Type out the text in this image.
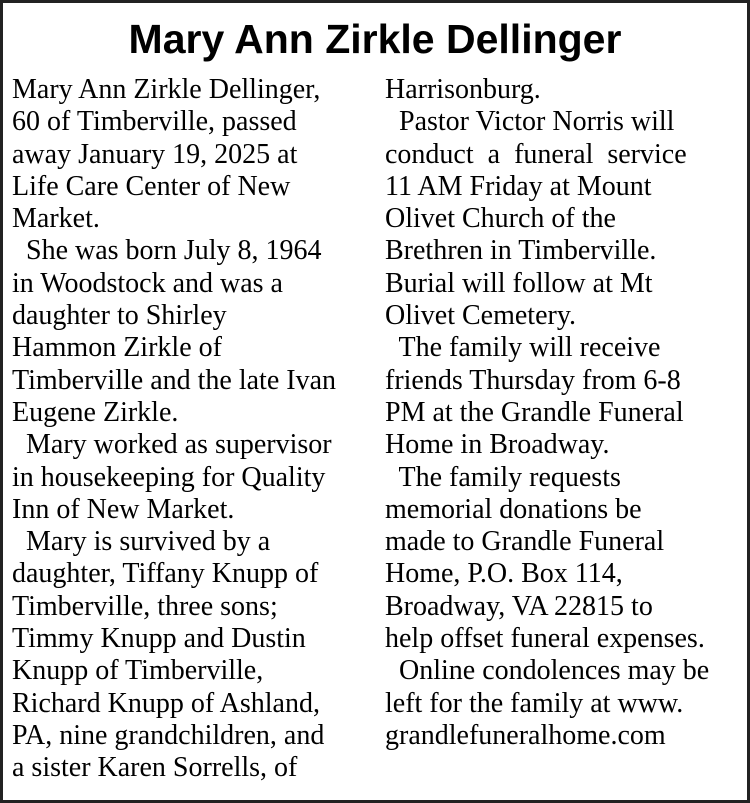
Mary Ann Zirkle Dellinger
Mary Ann Zirkle Dellinger,
60 of Timberville, passed
away January 19, 2025 at
Life Care Center of New
Market.
She was born July 8, 1964
in Woodstock and was a
daughter to Shirley
Hammon Zirkle of
Timberville and the late Ivan
Eugene Zirkle.
Mary worked as supervisor
in housekeeping for Quality
Inn of New Market.
Mary is survived by a
daughter, Tiffany Knupp of
Timberville, three sons;
Timmy Knupp and Dustin
Knupp of Timberville,
Richard Knupp of Ashland,
PA, nine grandchildren, and
a sister Karen Sorrells, of
Harrisonburg.
Pastor Victor Norris will
conduct  a  funeral  service
11 AM Friday at Mount
Olivet Church of the
Brethren in Timberville.
Burial will follow at Mt
Olivet Cemetery.
The family will receive
friends Thursday from 6-8
PM at the Grandle Funeral
Home in Broadway.
The family requests
memorial donations be
made to Grandle Funeral
Home, P.O. Box 114,
Broadway, VA 22815 to
help offset funeral expenses.
Online condolences may be
left for the family at www.
grandlefuneralhome.com
